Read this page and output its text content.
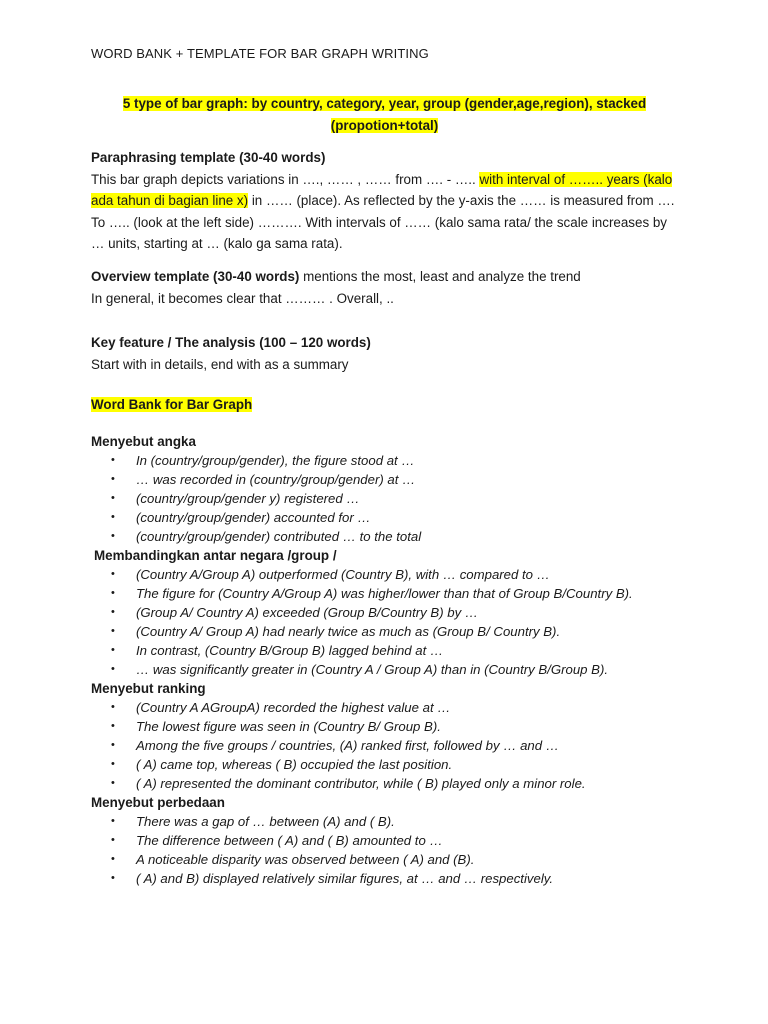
WORD BANK + TEMPLATE FOR BAR GRAPH WRITING
5 type of bar graph: by country, category, year, group (gender,age,region), stacked
(propotion+total)
Paraphrasing template (30-40 words)
This bar graph depicts variations in …., …… , …… from …. - ….. with interval of …….. years (kalo
ada tahun di bagian line x) in …… (place). As reflected by the y-axis the …… is measured from ….
To ….. (look at the left side) ………. With intervals of …… (kalo sama rata/ the scale increases by
… units, starting at … (kalo ga sama rata).
Overview template (30-40 words) mentions the most, least and analyze the trend
In general, it becomes clear that ……… . Overall, ..
Key feature / The analysis (100 – 120 words)
Start with in details, end with as a summary
Word Bank for Bar Graph
Menyebut angka
• In (country/group/gender), the figure stood at …
• … was recorded in (country/group/gender) at …
• (country/group/gender y) registered …
• (country/group/gender) accounted for …
• (country/group/gender) contributed … to the total
Membandingkan antar negara /group /
• (Country A/Group A) outperformed (Country B), with … compared to …
• The figure for (Country A/Group A) was higher/lower than that of Group B/Country B).
• (Group A/ Country A) exceeded (Group B/Country B) by …
• (Country A/ Group A) had nearly twice as much as (Group B/ Country B).
• In contrast, (Country B/Group B) lagged behind at …
• … was significantly greater in (Country A / Group A) than in (Country B/Group B).
Menyebut ranking
• (Country A AGroupA) recorded the highest value at …
• The lowest figure was seen in (Country B/ Group B).
• Among the five groups / countries, (A) ranked first, followed by … and …
• ( A) came top, whereas ( B) occupied the last position.
• ( A) represented the dominant contributor, while ( B) played only a minor role.
Menyebut perbedaan
• There was a gap of … between (A) and ( B).
• The difference between ( A) and ( B) amounted to …
• A noticeable disparity was observed between ( A) and (B).
• ( A) and B) displayed relatively similar figures, at … and … respectively.
